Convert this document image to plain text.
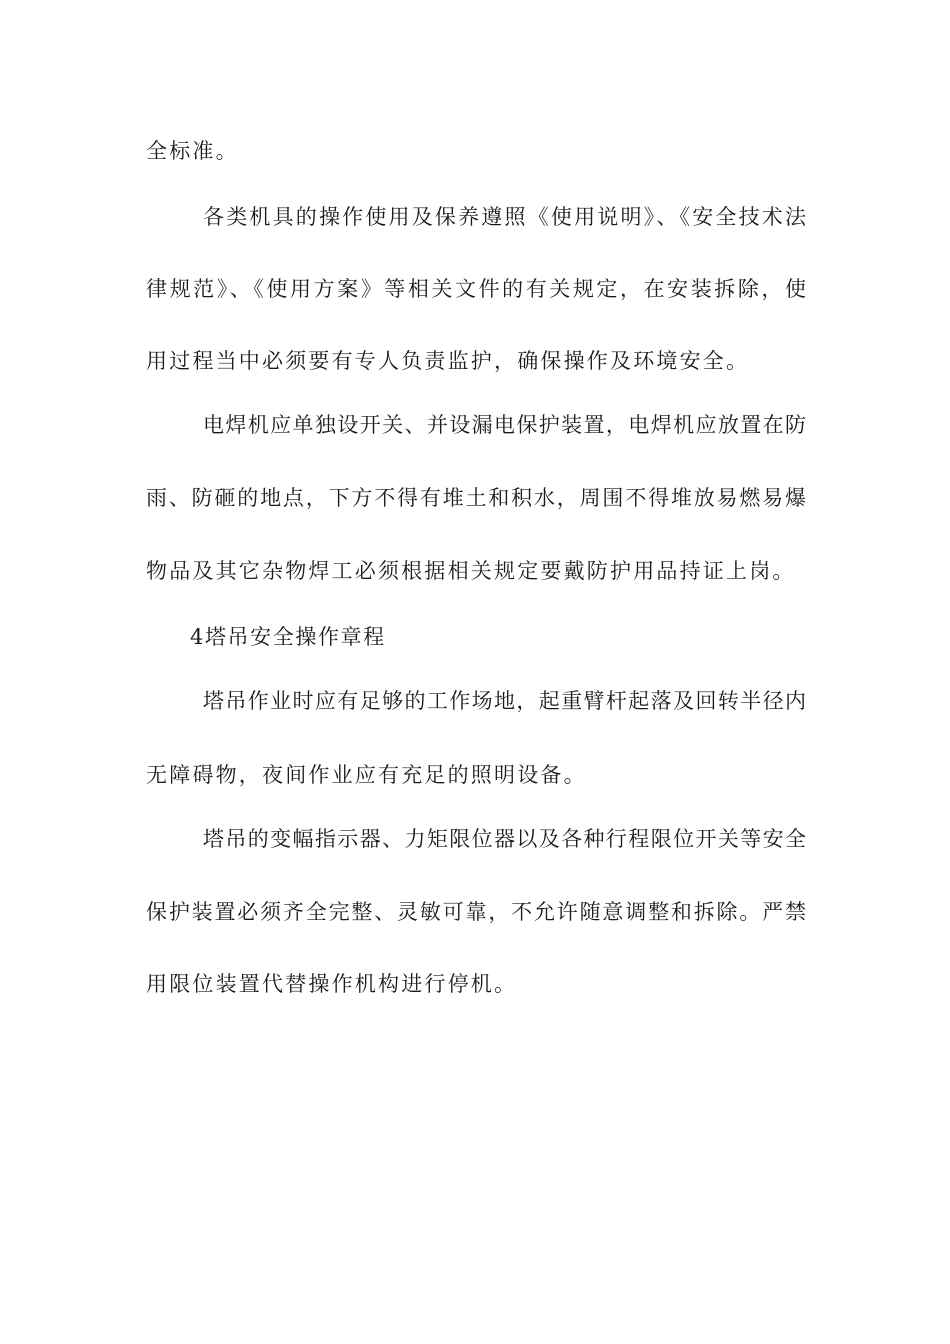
全标准。
各类机具的操作使用及保养遵照《使用说明》、《安全技术法
律规范》、《使用方案》等相关文件的有关规定，在安装拆除，使
用过程当中必须要有专人负责监护，确保操作及环境安全。
电焊机应单独设开关、并设漏电保护装置，电焊机应放置在防
雨、防砸的地点，下方不得有堆土和积水，周围不得堆放易燃易爆
物品及其它杂物焊工必须根据相关规定要戴防护用品持证上岗。
4塔吊安全操作章程
塔吊作业时应有足够的工作场地，起重臂杆起落及回转半径内
无障碍物，夜间作业应有充足的照明设备。
塔吊的变幅指示器、力矩限位器以及各种行程限位开关等安全
保护装置必须齐全完整、灵敏可靠，不允许随意调整和拆除。严禁
用限位装置代替操作机构进行停机。
